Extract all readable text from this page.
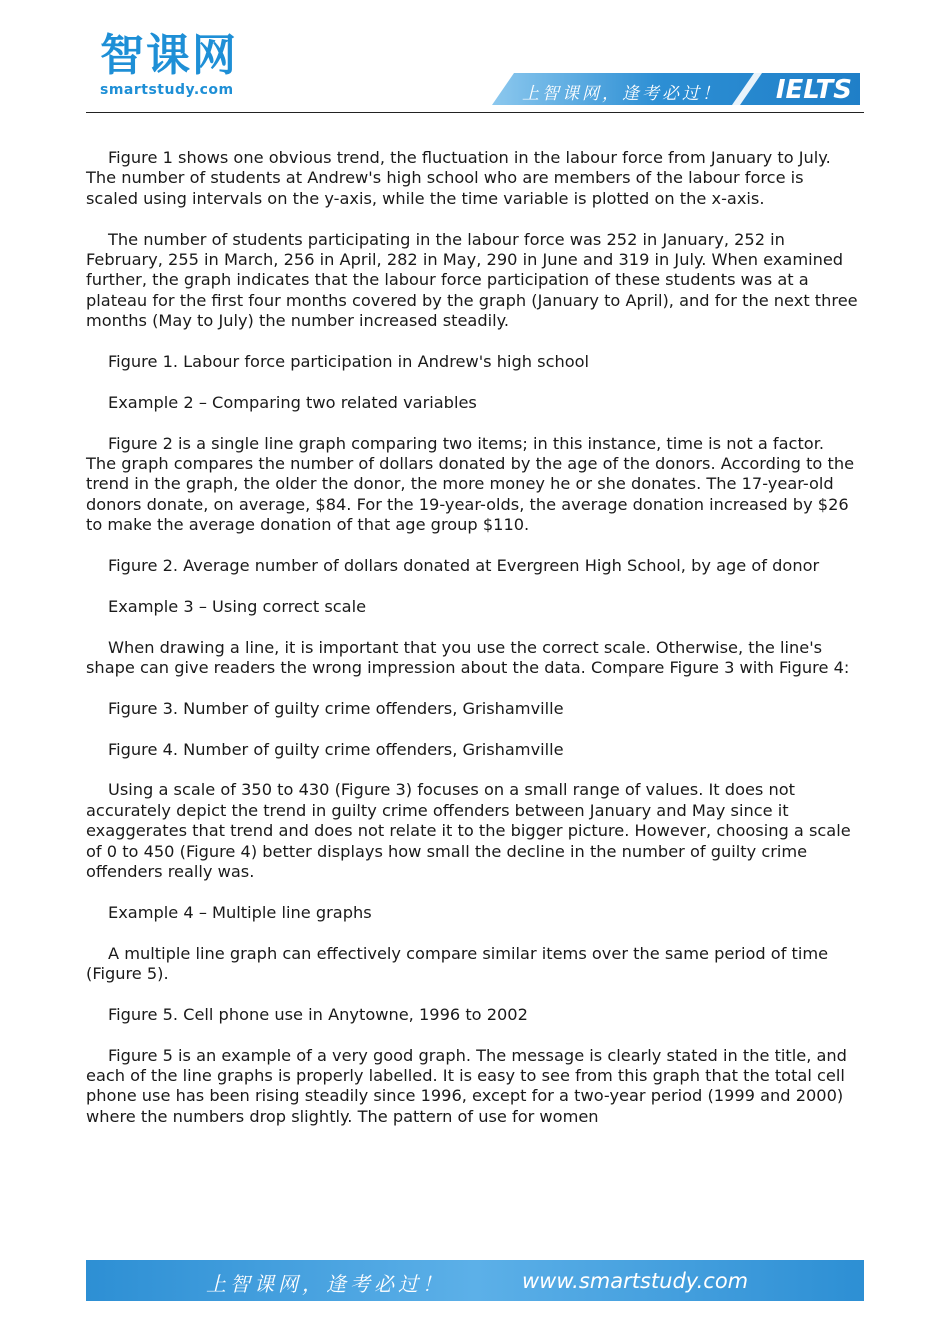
智课网
smartstudy.com	上智课网，逢考必过！ IELTS

Figure 1 shows one obvious trend, the fluctuation in the labour force from January to July. The number of students at Andrew's high school who are members of the labour force is scaled using intervals on the y-axis, while the time variable is plotted on the x-axis.

The number of students participating in the labour force was 252 in January, 252 in February, 255 in March, 256 in April, 282 in May, 290 in June and 319 in July. When examined further, the graph indicates that the labour force participation of these students was at a plateau for the first four months covered by the graph (January to April), and for the next three months (May to July) the number increased steadily.

Figure 1. Labour force participation in Andrew's high school

Example 2 – Comparing two related variables

Figure 2 is a single line graph comparing two items; in this instance, time is not a factor. The graph compares the number of dollars donated by the age of the donors. According to the trend in the graph, the older the donor, the more money he or she donates. The 17-year-old donors donate, on average, $84. For the 19-year-olds, the average donation increased by $26 to make the average donation of that age group $110.

Figure 2. Average number of dollars donated at Evergreen High School, by age of donor

Example 3 – Using correct scale

When drawing a line, it is important that you use the correct scale. Otherwise, the line's shape can give readers the wrong impression about the data. Compare Figure 3 with Figure 4:

Figure 3. Number of guilty crime offenders, Grishamville

Figure 4. Number of guilty crime offenders, Grishamville

Using a scale of 350 to 430 (Figure 3) focuses on a small range of values. It does not accurately depict the trend in guilty crime offenders between January and May since it exaggerates that trend and does not relate it to the bigger picture. However, choosing a scale of 0 to 450 (Figure 4) better displays how small the decline in the number of guilty crime offenders really was.

Example 4 – Multiple line graphs

A multiple line graph can effectively compare similar items over the same period of time (Figure 5).

Figure 5. Cell phone use in Anytowne, 1996 to 2002

Figure 5 is an example of a very good graph. The message is clearly stated in the title, and each of the line graphs is properly labelled. It is easy to see from this graph that the total cell phone use has been rising steadily since 1996, except for a two-year period (1999 and 2000) where the numbers drop slightly. The pattern of use for women

上智课网，逢考必过！	www.smartstudy.com
